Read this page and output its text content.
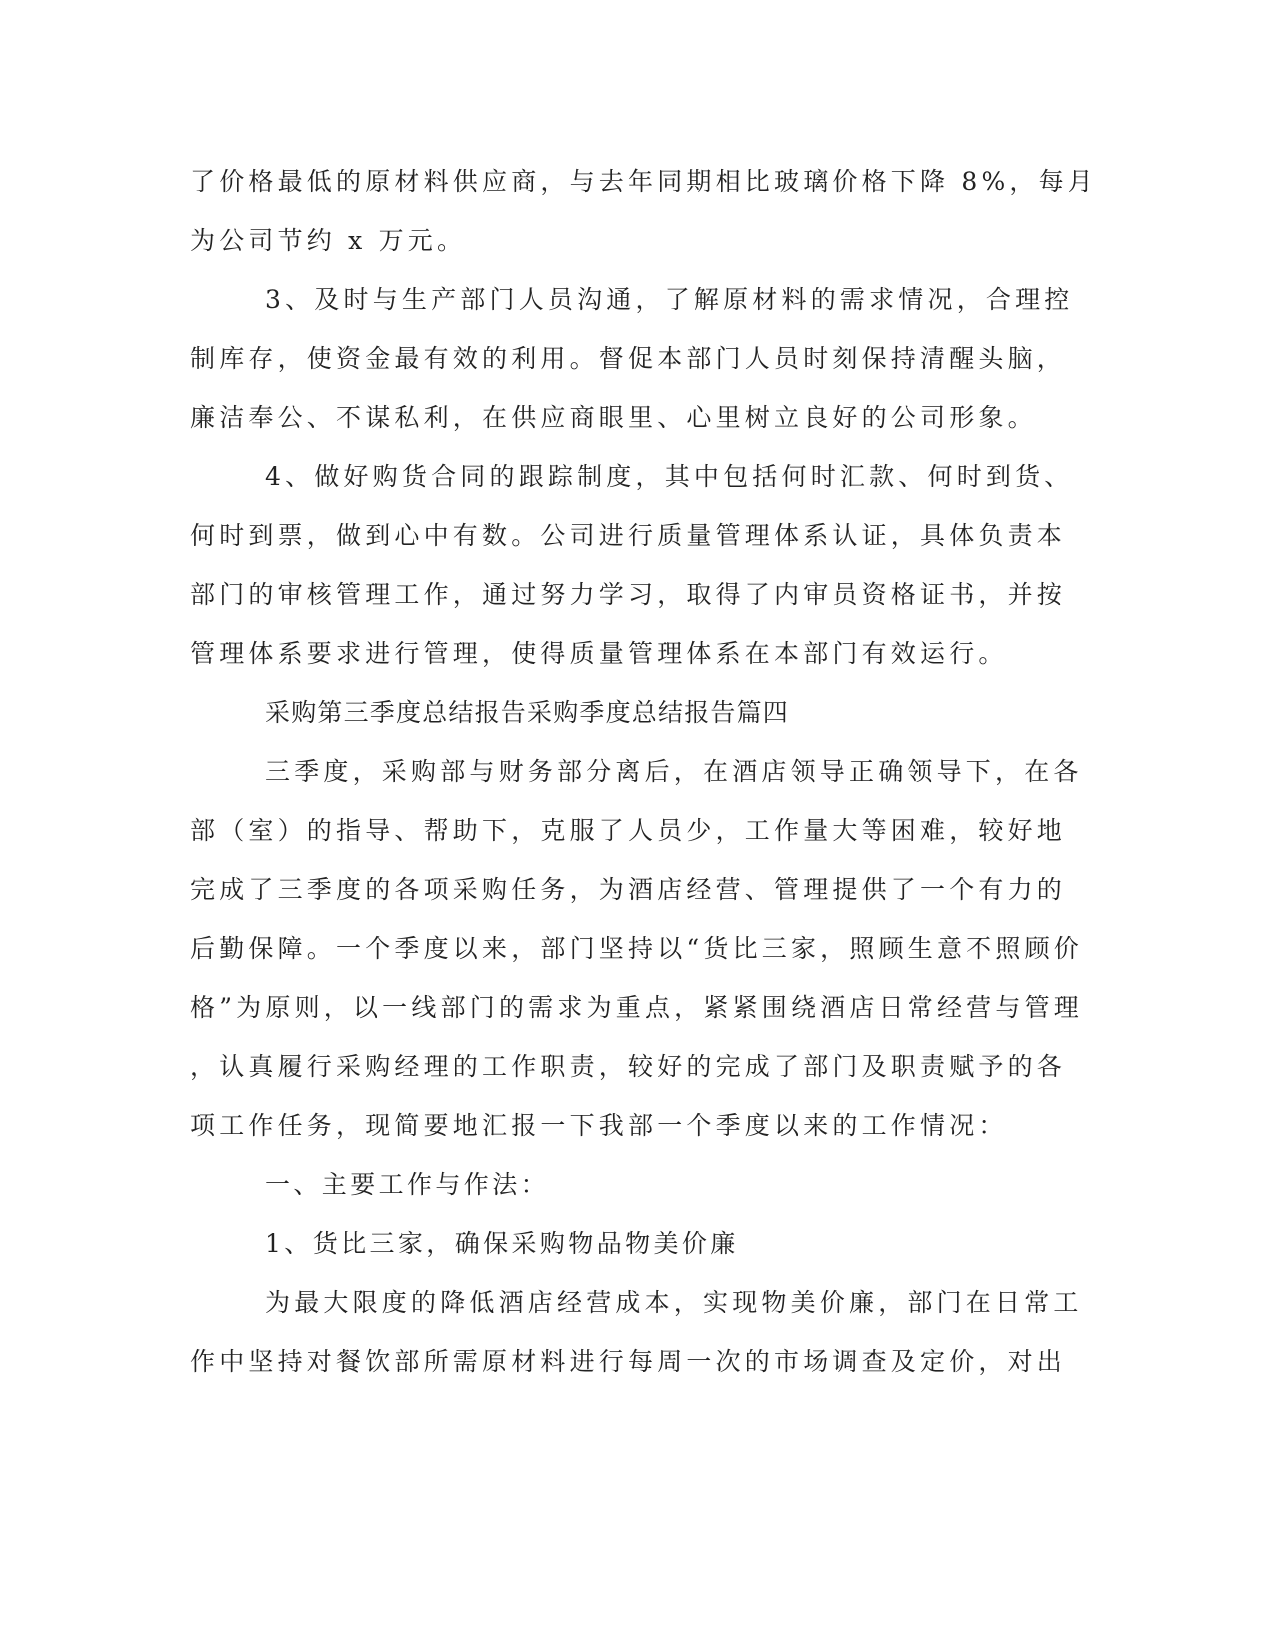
了价格最低的原材料供应商，与去年同期相比玻璃价格下降 8%，每月
为公司节约 x 万元。
3、及时与生产部门人员沟通，了解原材料的需求情况，合理控
制库存，使资金最有效的利用。督促本部门人员时刻保持清醒头脑，
廉洁奉公、不谋私利，在供应商眼里、心里树立良好的公司形象。
4、做好购货合同的跟踪制度，其中包括何时汇款、何时到货、
何时到票，做到心中有数。公司进行质量管理体系认证，具体负责本
部门的审核管理工作，通过努力学习，取得了内审员资格证书，并按
管理体系要求进行管理，使得质量管理体系在本部门有效运行。
采购第三季度总结报告采购季度总结报告篇四
三季度，采购部与财务部分离后，在酒店领导正确领导下，在各
部（室）的指导、帮助下，克服了人员少，工作量大等困难，较好地
完成了三季度的各项采购任务，为酒店经营、管理提供了一个有力的
后勤保障。一个季度以来，部门坚持以“货比三家，照顾生意不照顾价
格”为原则，以一线部门的需求为重点，紧紧围绕酒店日常经营与管理
，认真履行采购经理的工作职责，较好的完成了部门及职责赋予的各
项工作任务，现简要地汇报一下我部一个季度以来的工作情况：
一、主要工作与作法：
1、货比三家，确保采购物品物美价廉
为最大限度的降低酒店经营成本，实现物美价廉，部门在日常工
作中坚持对餐饮部所需原材料进行每周一次的市场调查及定价，对出
